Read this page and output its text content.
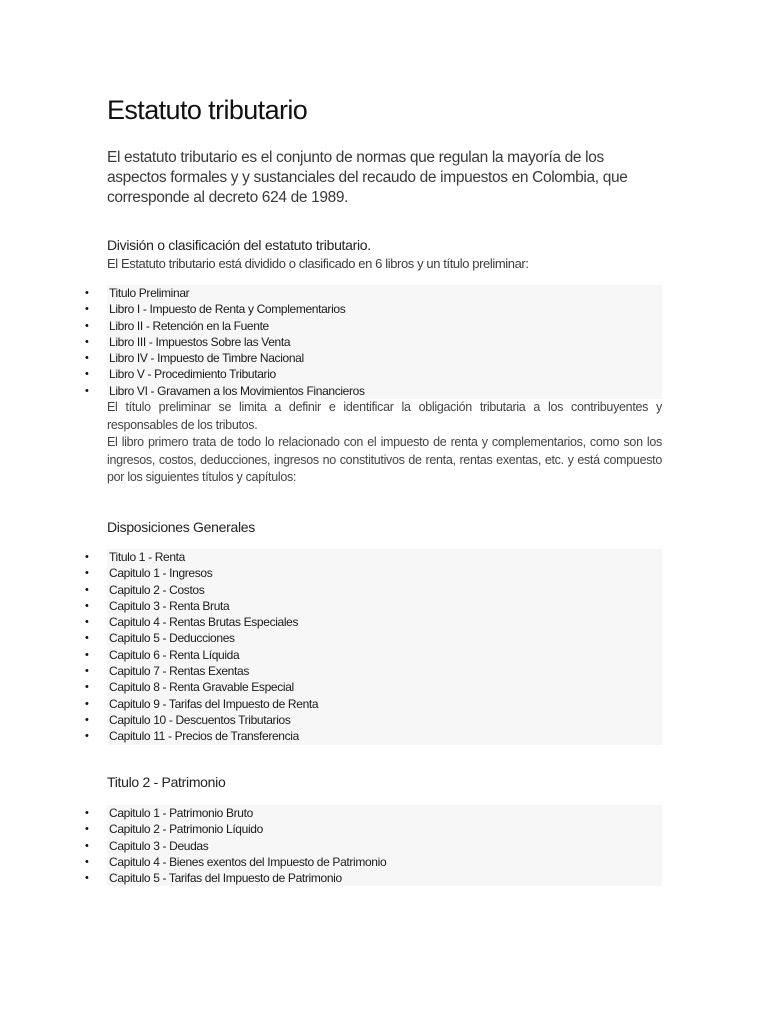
Estatuto tributario

El estatuto tributario es el conjunto de normas que regulan la mayoría de los aspectos formales y y sustanciales del recaudo de impuestos en Colombia, que corresponde al decreto 624 de 1989.

División o clasificación del estatuto tributario.

El Estatuto tributario está dividido o clasificado en 6 libros y un título preliminar:

• Titulo Preliminar
• Libro I - Impuesto de Renta y Complementarios
• Libro II - Retención en la Fuente
• Libro III - Impuestos Sobre las Venta
• Libro IV - Impuesto de Timbre Nacional
• Libro V - Procedimiento Tributario
• Libro VI - Gravamen a los Movimientos Financieros

El título preliminar se limita a definir e identificar la obligación tributaria a los contribuyentes y responsables de los tributos.

El libro primero trata de todo lo relacionado con el impuesto de renta y complementarios, como son los ingresos, costos, deducciones, ingresos no constitutivos de renta, rentas exentas, etc. y está compuesto por los siguientes títulos y capítulos:

Disposiciones Generales
• Titulo 1 - Renta
• Capitulo 1 - Ingresos
• Capitulo 2 - Costos
• Capitulo 3 - Renta Bruta
• Capitulo 4 - Rentas Brutas Especiales
• Capitulo 5 - Deducciones
• Capitulo 6 - Renta Líquida
• Capitulo 7 - Rentas Exentas
• Capitulo 8 - Renta Gravable Especial
• Capitulo 9 - Tarifas del Impuesto de Renta
• Capitulo 10 - Descuentos Tributarios
• Capitulo 11 - Precios de Transferencia
Titulo 2 - Patrimonio
• Capitulo 1 - Patrimonio Bruto
• Capitulo 2 - Patrimonio Líquido
• Capitulo 3 - Deudas
• Capitulo 4 - Bienes exentos del Impuesto de Patrimonio
• Capitulo 5 - Tarifas del Impuesto de Patrimonio
